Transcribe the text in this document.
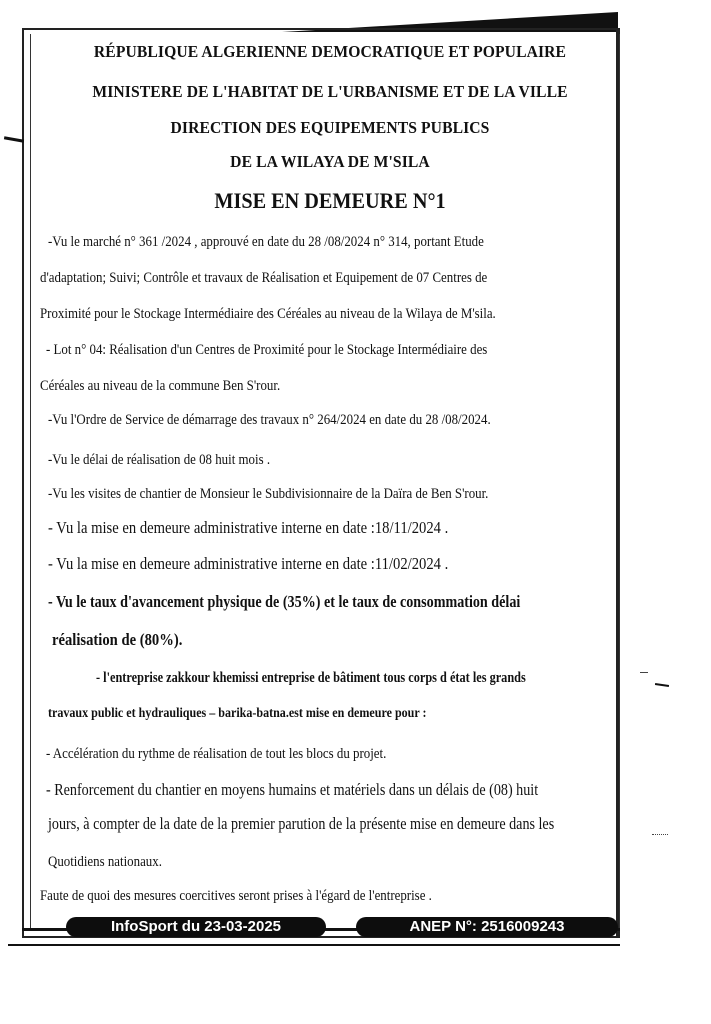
RÉPUBLIQUE ALGERIENNE DEMOCRATIQUE ET POPULAIRE
MINISTERE DE L'HABITAT DE L'URBANISME ET DE LA VILLE
DIRECTION DES EQUIPEMENTS PUBLICS
DE LA WILAYA DE M'SILA
MISE EN DEMEURE N°1
-Vu le marché n° 361 /2024 , approuvé en date du 28 /08/2024 n° 314, portant Etude
d'adaptation; Suivi; Contrôle et travaux de Réalisation et Equipement de 07 Centres de
Proximité pour le Stockage Intermédiaire des Céréales au niveau de la Wilaya de M'sila.
- Lot n° 04: Réalisation d'un Centres de Proximité pour le Stockage Intermédiaire des
Céréales au niveau de la commune Ben S'rour.
-Vu l'Ordre de Service de démarrage des travaux n° 264/2024 en date du 28 /08/2024.
-Vu le délai de réalisation de 08 huit mois .
-Vu les visites de chantier de Monsieur le Subdivisionnaire de la Daïra de Ben S'rour.
- Vu la mise en demeure administrative interne en date :18/11/2024 .
- Vu la mise en demeure administrative interne en date :11/02/2024 .
- Vu le taux d'avancement physique de (35%) et le taux de consommation délai
réalisation de (80%).
- l'entreprise zakkour khemissi entreprise de bâtiment tous corps d état les grands
travaux public et hydrauliques – barika-batna.est mise en demeure pour :
- Accélération du rythme de réalisation de tout les blocs du projet.
- Renforcement du chantier en moyens humains et matériels dans un délais de (08) huit
jours, à compter de la date de la premier parution de la présente mise en demeure dans les
Quotidiens nationaux.
Faute de quoi des mesures coercitives seront prises à l'égard de l'entreprise .
InfoSport du 23-03-2025	ANEP N°: 2516009243
